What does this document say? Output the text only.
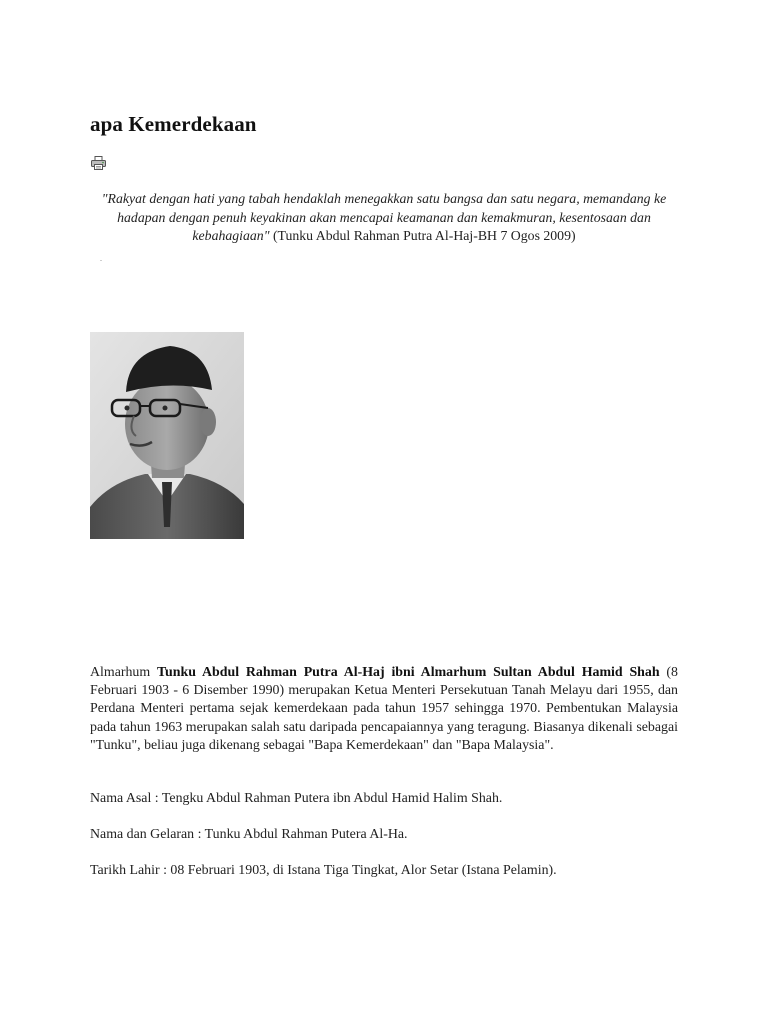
apa Kemerdekaan

"Rakyat dengan hati yang tabah hendaklah menegakkan satu bangsa dan satu negara, memandang ke hadapan dengan penuh keyakinan akan mencapai keamanan dan kemakmuran, kesentosaan dan kebahagiaan" (Tunku Abdul Rahman Putra Al-Haj-BH 7 Ogos 2009)

Almarhum Tunku Abdul Rahman Putra Al-Haj ibni Almarhum Sultan Abdul Hamid Shah (8 Februari 1903 - 6 Disember 1990) merupakan Ketua Menteri Persekutuan Tanah Melayu dari 1955, dan Perdana Menteri pertama sejak kemerdekaan pada tahun 1957 sehingga 1970. Pembentukan Malaysia pada tahun 1963 merupakan salah satu daripada pencapaiannya yang teragung. Biasanya dikenali sebagai "Tunku", beliau juga dikenang sebagai "Bapa Kemerdekaan" dan "Bapa Malaysia".

Nama Asal : Tengku Abdul Rahman Putera ibn Abdul Hamid Halim Shah.

Nama dan Gelaran : Tunku Abdul Rahman Putera Al-Ha.

Tarikh Lahir : 08 Februari 1903, di Istana Tiga Tingkat, Alor Setar (Istana Pelamin).
